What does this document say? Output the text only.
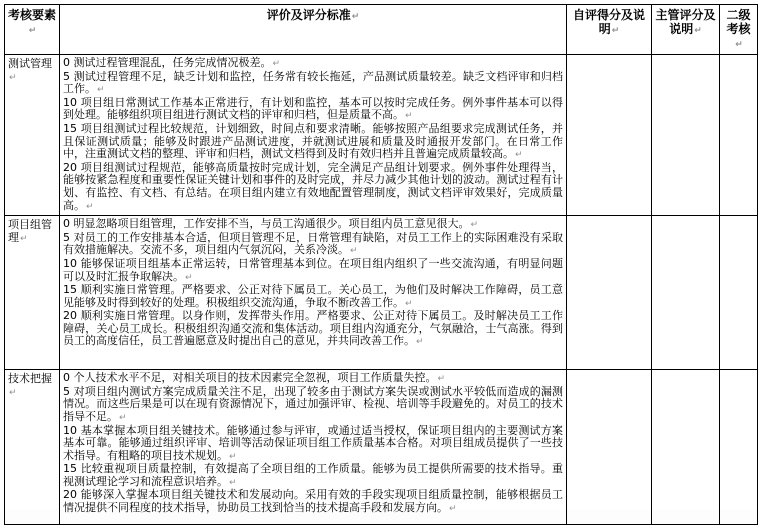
考核要素↵	评价及评分标准↵	自评得分及说明↵	主管评分及说明↵	二级考核↵
测试管理↵	0 测试过程管理混乱，任务完成情况极差。↵
5 测试过程管理不足，缺乏计划和监控，任务常有较长拖延，产品测试质量较差。缺乏文档评审和归档工作。↵
10 项目组日常测试工作基本正常进行，有计划和监控，基本可以按时完成任务。例外事件基本可以得到处理。能够组织项目组进行测试文档的评审和归档，但是质量不高。↵
15 项目组测试过程比较规范，计划细致，时间点和要求清晰。能够按照产品组要求完成测试任务，并且保证测试质量；能够及时跟进产品测试进度，并就测试进展和质量及时通报开发部门。在日常工作中，注重测试文档的整理、评审和归档，测试文档得到及时有效归档并且普遍完成质量较高。↵
20 项目组测试过程规范，能够高质量按时完成计划，完全满足产品组计划要求。例外事件处理得当，能够按紧急程度和重要性保证关键计划和事件的及时完成，并尽力减少其他计划的波动。测试过程有计划、有监控、有文档、有总结。在项目组内建立有效地配置管理制度，测试文档评审效果好，完成质量高。↵			

项目组管理↵	0 明显忽略项目组管理，工作安排不当，与员工沟通很少。项目组内员工意见很大。↵
5 对员工的工作安排基本合适，但项目管理不足，日常管理有缺陷，对员工工作上的实际困难没有采取有效措施解决。交流不多，项目组内气氛沉闷，关系冷淡。↵
10 能够保证项目组基本正常运转，日常管理基本到位。在项目组内组织了一些交流沟通，有明显问题可以及时汇报争取解决。↵
15 顺利实施日常管理。严格要求、公正对待下属员工。关心员工，为他们及时解决工作障碍，员工意见能够及时得到较好的处理。积极组织交流沟通，争取不断改善工作。↵
20 顺利实施日常管理。以身作则，发挥带头作用。严格要求、公正对待下属员工。及时解决员工工作障碍，关心员工成长。积极组织沟通交流和集体活动。项目组内沟通充分，气氛融洽，士气高涨。得到员工的高度信任，员工普遍愿意及时提出自己的意见，并共同改善工作。↵			

技术把握↵	0 个人技术水平不足，对相关项目的技术因素完全忽视，项目工作质量失控。↵
5 对项目组内测试方案完成质量关注不足，出现了较多由于测试方案失误或测试水平较低而造成的漏测情况。而这些后果是可以在现有资源情况下，通过加强评审、检视、培训等手段避免的。对员工的技术指导不足。↵
10 基本掌握本项目组关键技术。能够通过参与评审，或通过适当授权，保证项目组内的主要测试方案基本可靠。能够通过组织评审、培训等活动保证项目组工作质量基本合格。对项目组成员提供了一些技术指导。有粗略的项目技术规划。↵
15 比较重视项目质量控制，有效提高了全项目组的工作质量。能够为员工提供所需要的技术指导。重视测试理论学习和流程意识培养。↵
20 能够深入掌握本项目组关键技术和发展动向。采用有效的手段实现项目组质量控制，能够根据员工情况提供不同程度的技术指导，协助员工找到恰当的技术提高手段和发展方向。↵			
